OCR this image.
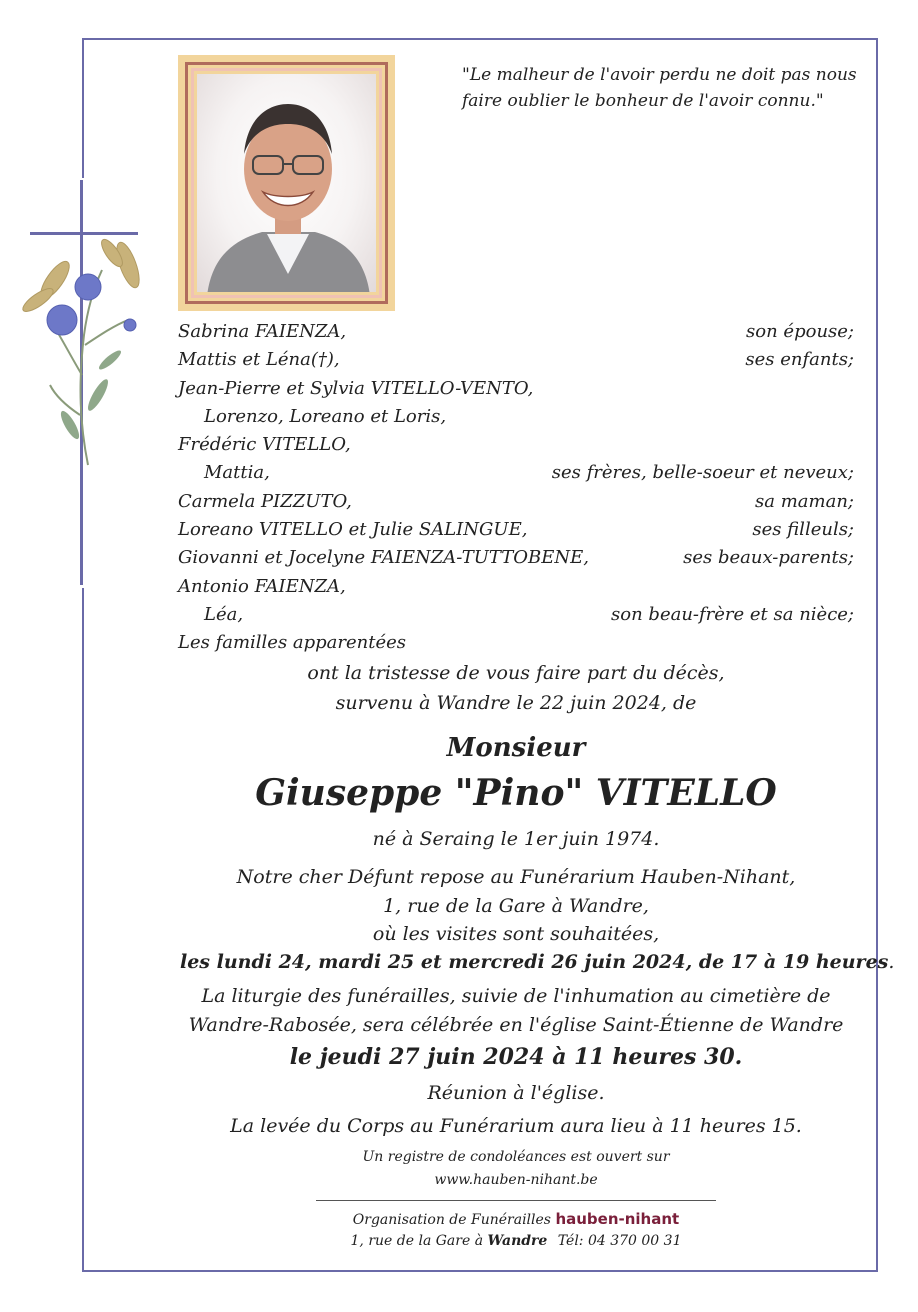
"Le malheur de l'avoir perdu ne doit pas nous
faire oublier le bonheur de l'avoir connu."
Sabrina FAIENZA,	son épouse;
Mattis et Léna(†),	ses enfants;
Jean-Pierre et Sylvia VITELLO-VENTO,
Lorenzo, Loreano et Loris,
Frédéric VITELLO,
Mattia,	ses frères, belle-soeur et neveux;
Carmela PIZZUTO,	sa maman;
Loreano VITELLO et Julie SALINGUE,	ses filleuls;
Giovanni et Jocelyne FAIENZA-TUTTOBENE,	ses beaux-parents;
Antonio FAIENZA,
Léa,	son beau-frère et sa nièce;
Les familles apparentées
ont la tristesse de vous faire part du décès,
survenu à Wandre le 22 juin 2024, de
Monsieur
Giuseppe "Pino" VITELLO
né à Seraing le 1er juin 1974.
Notre cher Défunt repose au Funérarium Hauben-Nihant,
1, rue de la Gare à Wandre,
où les visites sont souhaitées,
les lundi 24, mardi 25 et mercredi 26 juin 2024, de 17 à 19 heures.
La liturgie des funérailles, suivie de l'inhumation au cimetière de
Wandre-Rabosée, sera célébrée en l'église Saint-Étienne de Wandre
le jeudi 27 juin 2024 à 11 heures 30.
Réunion à l'église.
La levée du Corps au Funérarium aura lieu à 11 heures 15.
Un registre de condoléances est ouvert sur
www.hauben-nihant.be
Organisation de Funérailles hauben-nihant
1, rue de la Gare à Wandre Tél: 04 370 00 31
